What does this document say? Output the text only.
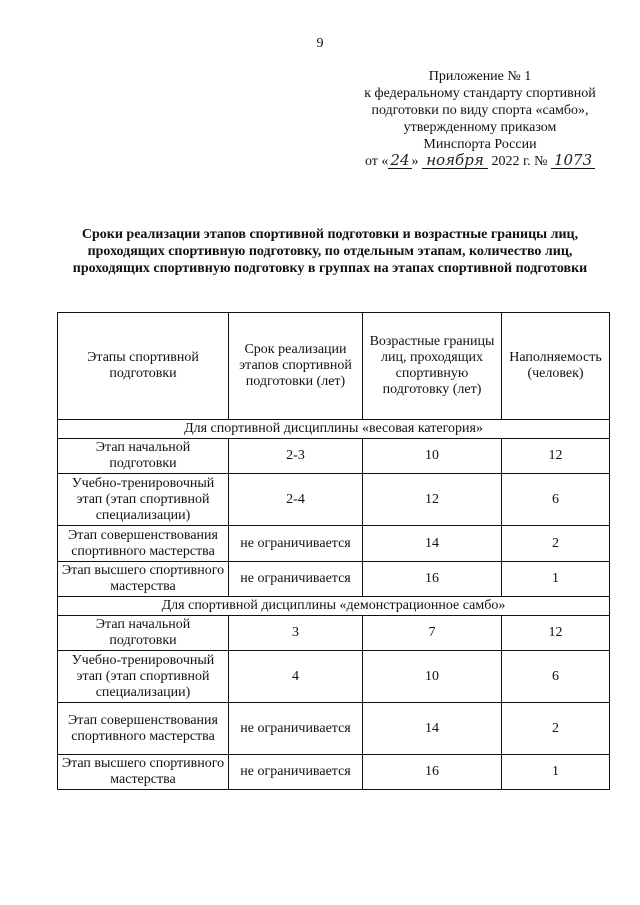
9
Приложение № 1
к федеральному стандарту спортивной
подготовки по виду спорта «самбо»,
утвержденному приказом
Минспорта России
от « 24 » ноября 2022 г. № 1073
Сроки реализации этапов спортивной подготовки и возрастные границы лиц, проходящих спортивную подготовку, по отдельным этапам, количество лиц, проходящих спортивную подготовку в группах на этапах спортивной подготовки
Этапы спортивной подготовки	Срок реализации этапов спортивной подготовки (лет)	Возрастные границы лиц, проходящих спортивную подготовку (лет)	Наполняемость (человек)
Для спортивной дисциплины «весовая категория»			
Этап начальной подготовки	2-3	10	12
Учебно-тренировочный этап (этап спортивной специализации)	2-4	12	6
Этап совершенствования спортивного мастерства	не ограничивается	14	2
Этап высшего спортивного мастерства	не ограничивается	16	1
Для спортивной дисциплины «демонстрационное самбо»			
Этап начальной подготовки	3	7	12
Учебно-тренировочный этап (этап спортивной специализации)	4	10	6
Этап совершенствования спортивного мастерства	не ограничивается	14	2
Этап высшего спортивного мастерства	не ограничивается	16	1
